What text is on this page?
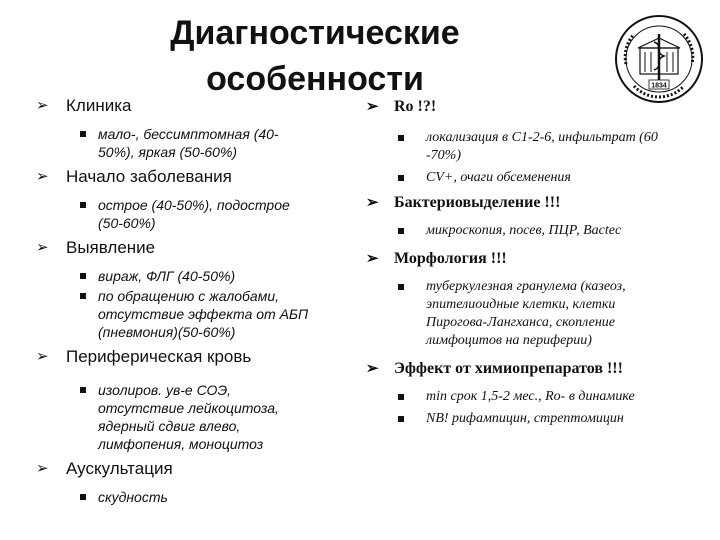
Диагностические
особенности	1834
➢ Клиника
мало-, бессимптомная (40-
50%), яркая (50-60%)
➢ Начало заболевания
острое (40-50%), подострое
(50-60%)
➢ Выявление
вираж, ФЛГ (40-50%)
по обращению с жалобами,
отсутствие эффекта от АБП
(пневмония)(50-60%)
➢ Периферическая кровь
изолиров. ув-е СОЭ,
отсутствие лейкоцитоза,
ядерный сдвиг влево,
лимфопения, моноцитоз
➢ Аускультация
скудность
➢ Ro !?!
локализация в С1-2-6, инфильтрат (60
-70%)
CV+, очаги обсеменения
➢ Бактериовыделение !!!
микроскопия, посев, ПЦР, Bactec
➢ Морфология !!!
туберкулезная гранулема (казеоз,
эпителиоидные клетки, клетки
Пирогова-Лангханса, скопление
лимфоцитов на периферии)
➢ Эффект от химиопрепаратов !!!
min срок 1,5-2 мес., Ro- в динамике
NB! рифампицин, стрептомицин
